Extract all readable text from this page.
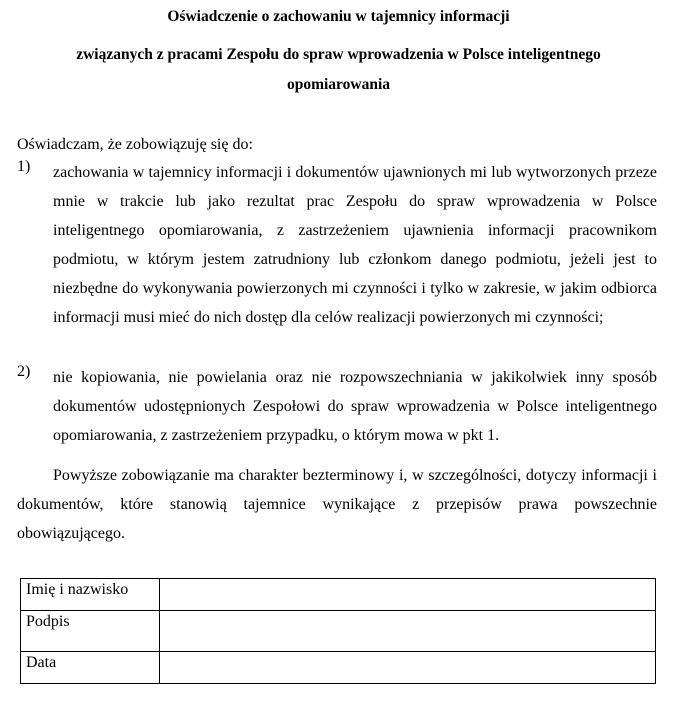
Oświadczenie o zachowaniu w tajemnicy informacji
związanych z pracami Zespołu do spraw wprowadzenia w Polsce inteligentnego
opomiarowania
Oświadczam, że zobowiązuję się do:
1) zachowania w tajemnicy informacji i dokumentów ujawnionych mi lub wytworzonych przeze mnie w trakcie lub jako rezultat prac Zespołu do spraw wprowadzenia w Polsce inteligentnego opomiarowania, z zastrzeżeniem ujawnienia informacji pracownikom podmiotu, w którym jestem zatrudniony lub członkom danego podmiotu, jeżeli jest to niezbędne do wykonywania powierzonych mi czynności i tylko w zakresie, w jakim odbiorca informacji musi mieć do nich dostęp dla celów realizacji powierzonych mi czynności;
2) nie kopiowania, nie powielania oraz nie rozpowszechniania w jakikolwiek inny sposób dokumentów udostępnionych Zespołowi do spraw wprowadzenia w Polsce inteligentnego opomiarowania, z zastrzeżeniem przypadku, o którym mowa w pkt 1.
Powyższe zobowiązanie ma charakter bezterminowy i, w szczególności, dotyczy informacji i dokumentów, które stanowią tajemnice wynikające z przepisów prawa powszechnie obowiązującego.
Imię i nazwisko	
Podpis	
Data	
